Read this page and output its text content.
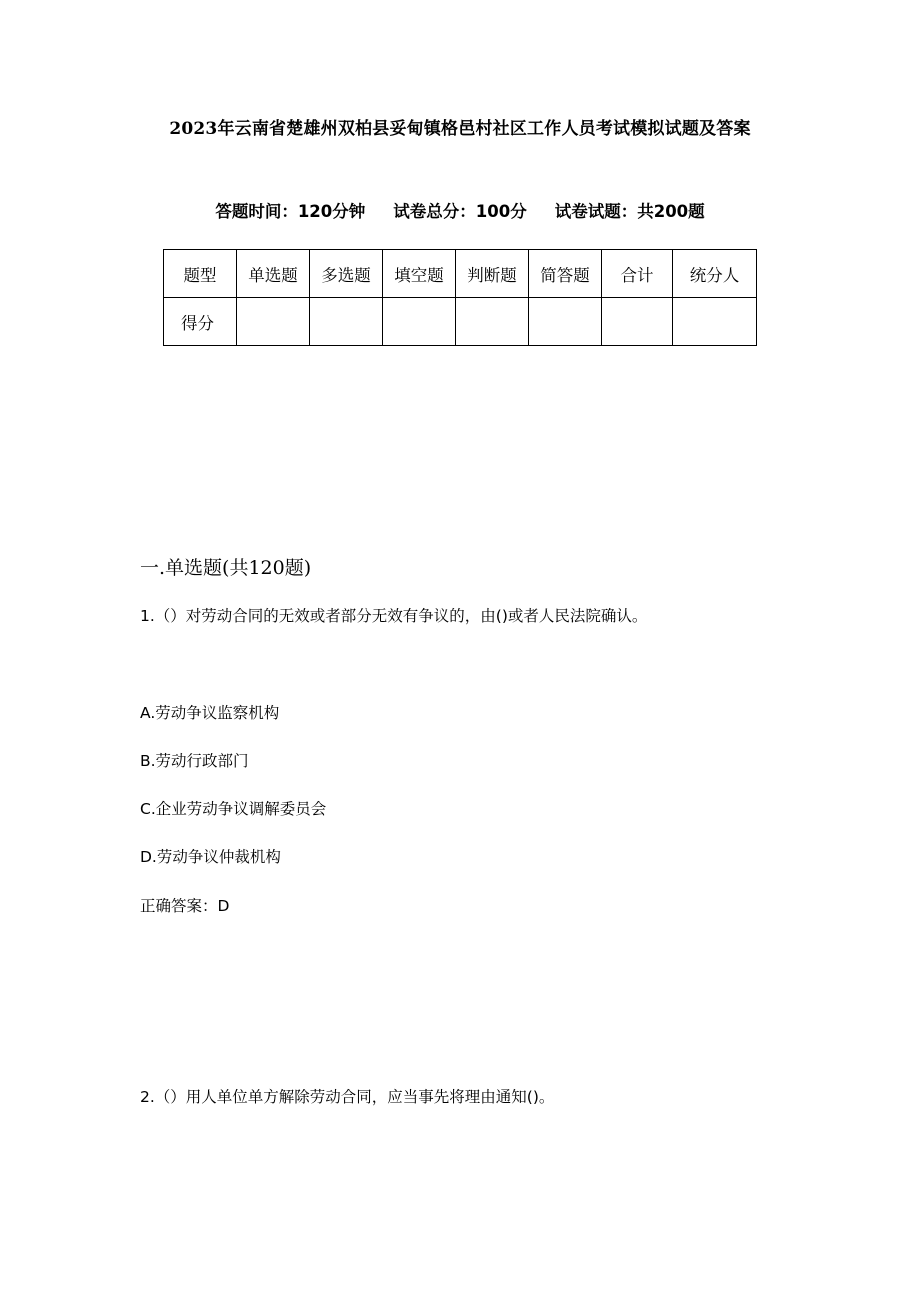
2023年云南省楚雄州双柏县妥甸镇格邑村社区工作人员考试模拟试题及答案
答题时间：120分钟 试卷总分：100分 试卷试题：共200题
题型	单选题	多选题	填空题	判断题	简答题	合计	统分人
得分							
一.单选题(共120题)
1.（）对劳动合同的无效或者部分无效有争议的，由()或者人民法院确认。
A.劳动争议监察机构
B.劳动行政部门
C.企业劳动争议调解委员会
D.劳动争议仲裁机构
正确答案：D
2.（）用人单位单方解除劳动合同，应当事先将理由通知()。
